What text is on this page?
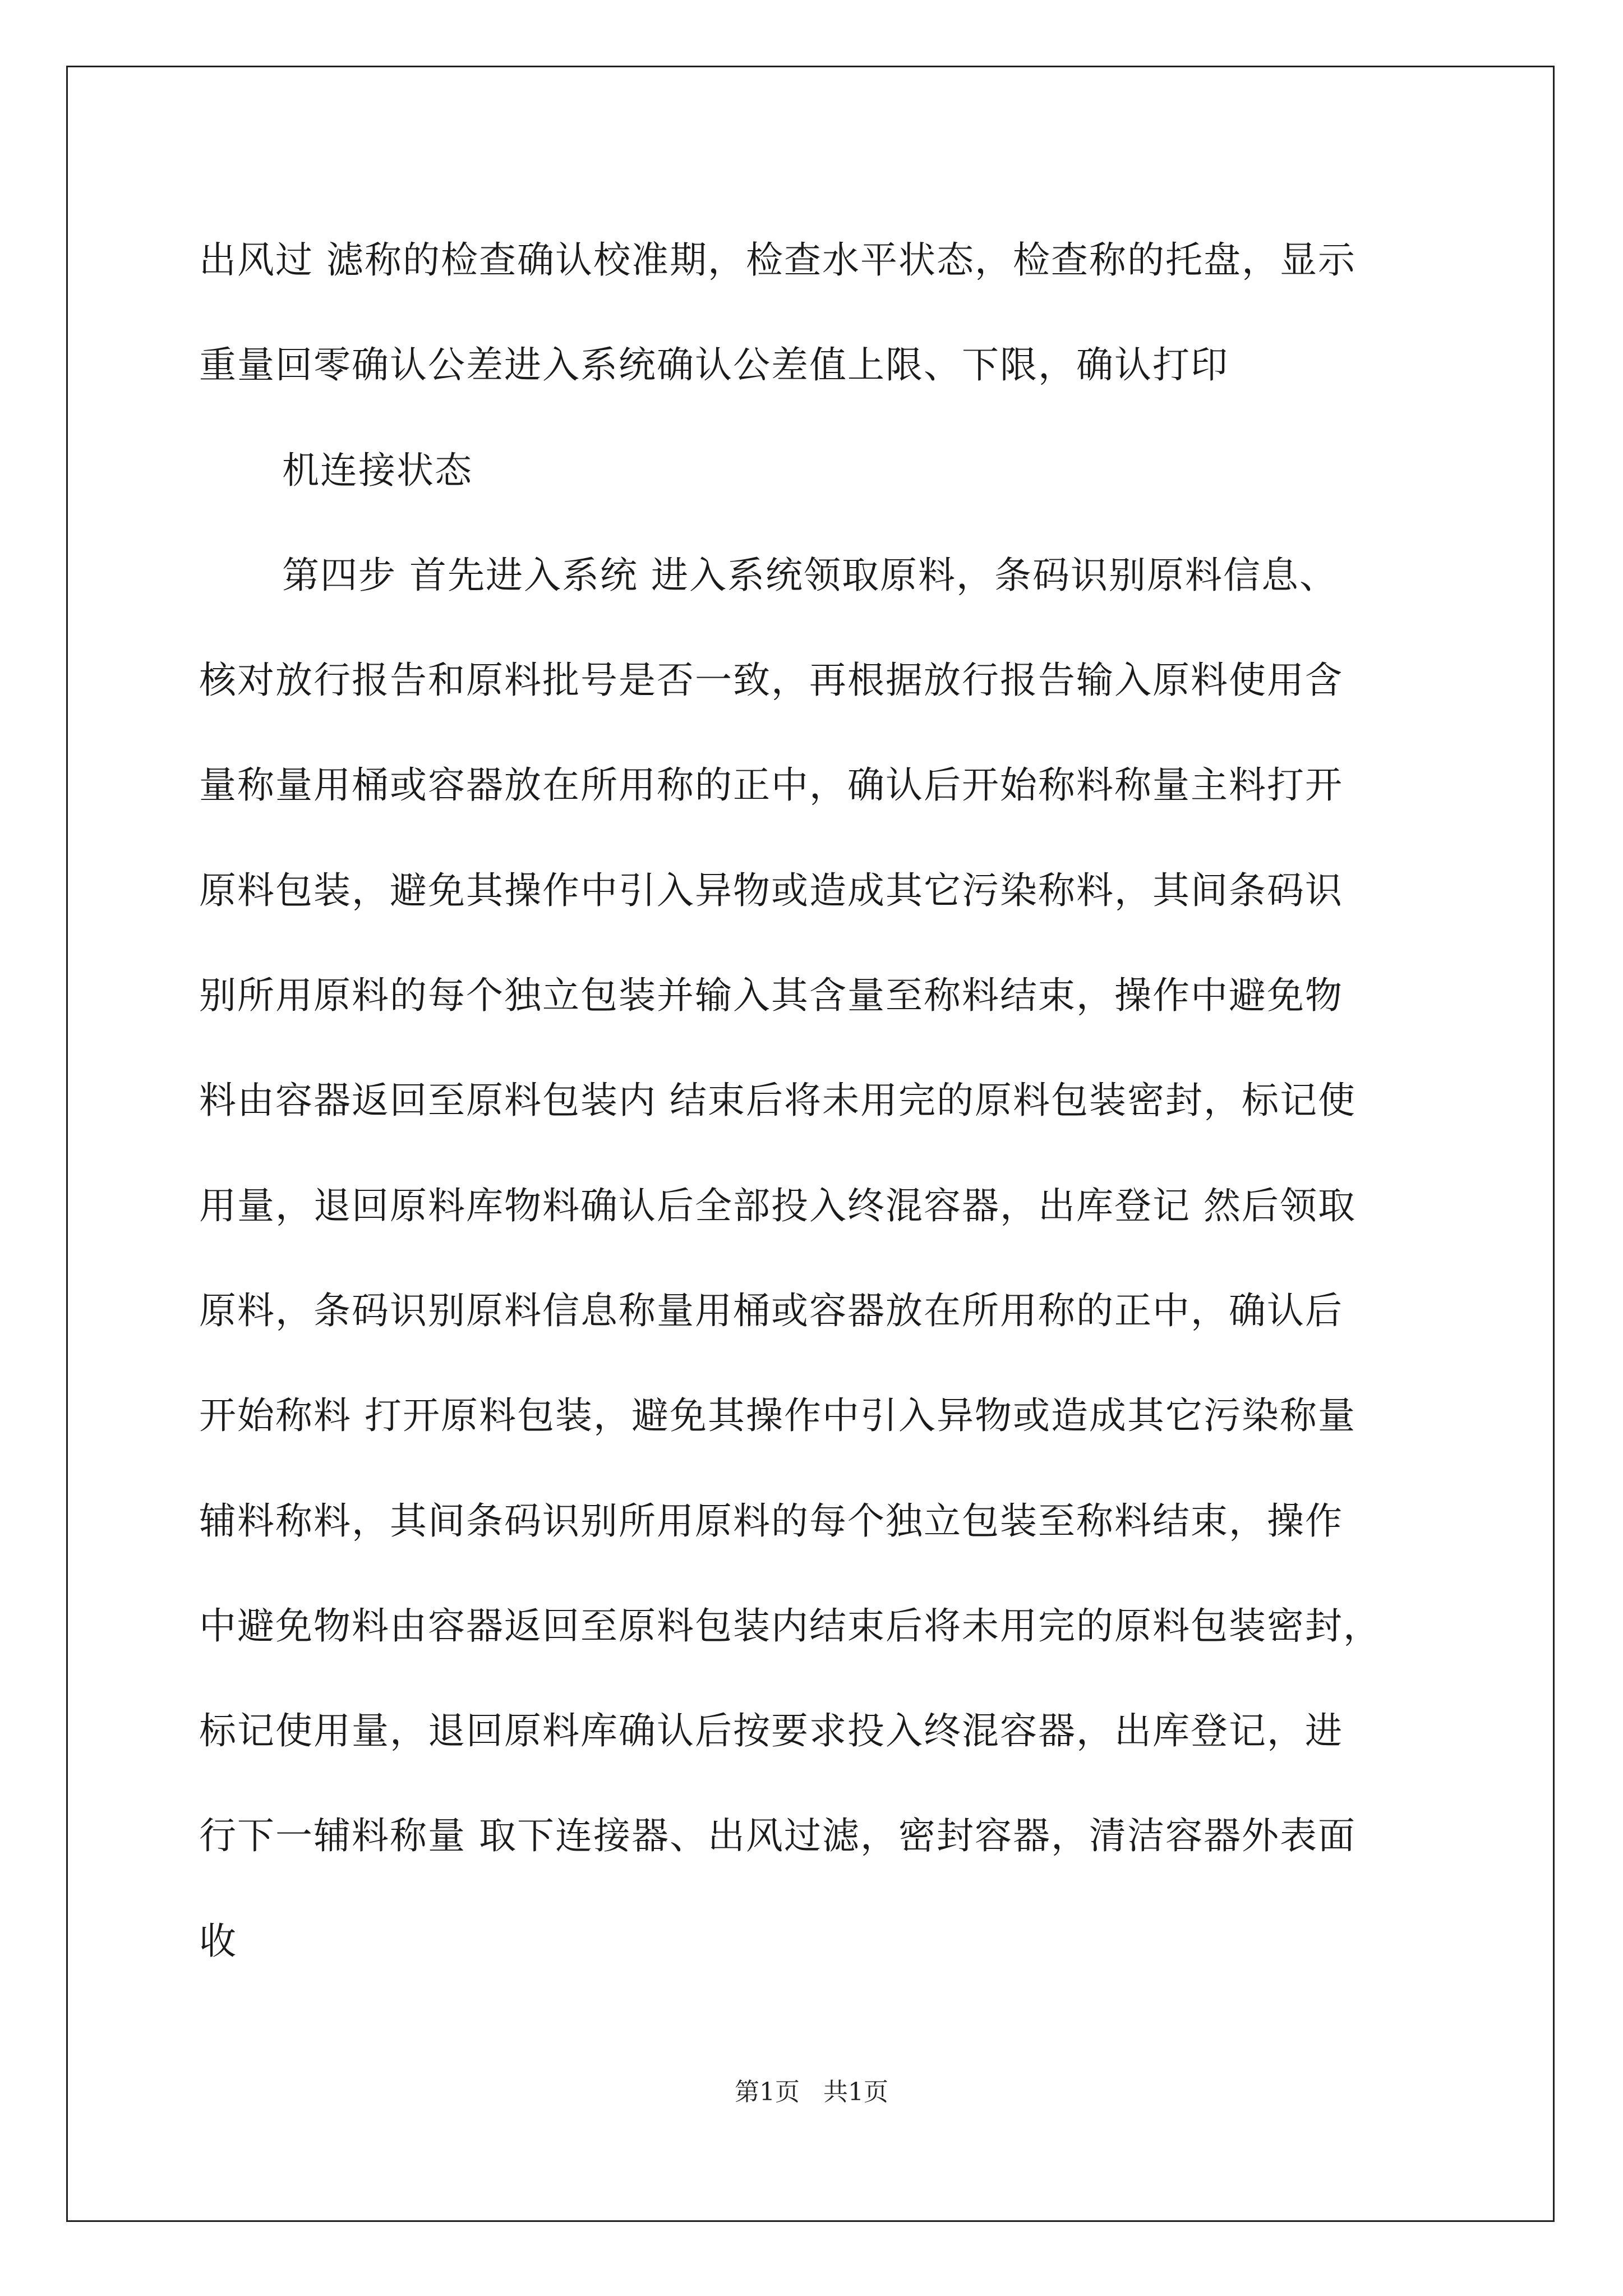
出风过 滤称的检查确认校准期，检查水平状态，检查称的托盘，显示
重量回零确认公差进入系统确认公差值上限、下限，确认打印
机连接状态
第四步 首先进入系统 进入系统领取原料，条码识别原料信息、
核对放行报告和原料批号是否一致，再根据放行报告输入原料使用含
量称量用桶或容器放在所用称的正中，确认后开始称料称量主料打开
原料包装，避免其操作中引入异物或造成其它污染称料，其间条码识
别所用原料的每个独立包装并输入其含量至称料结束，操作中避免物
料由容器返回至原料包装内 结束后将未用完的原料包装密封，标记使
用量，退回原料库物料确认后全部投入终混容器，出库登记 然后领取
原料，条码识别原料信息称量用桶或容器放在所用称的正中，确认后
开始称料 打开原料包装，避免其操作中引入异物或造成其它污染称量
辅料称料，其间条码识别所用原料的每个独立包装至称料结束，操作
中避免物料由容器返回至原料包装内结束后将未用完的原料包装密封，
标记使用量，退回原料库确认后按要求投入终混容器，出库登记，进
行下一辅料称量 取下连接器、出风过滤，密封容器，清洁容器外表面
收
第1页   共1页
